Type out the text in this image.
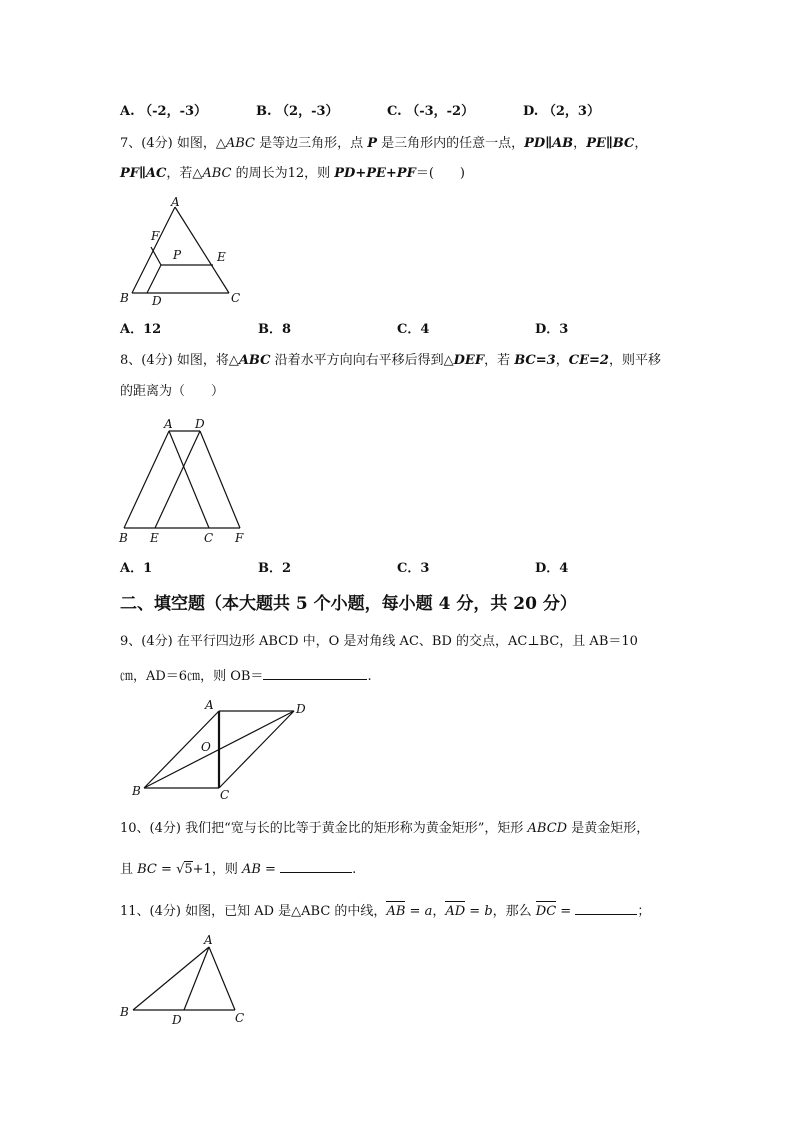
A. （-2，-3）	B. （2，-3）	C. （-3，-2）	D. （2，3）
7、(4分) 如图，△ABC 是等边三角形，点 P 是三角形内的任意一点，PD∥AB，PE∥BC，
PF∥AC，若△ABC 的周长为12，则 PD+PE+PF＝(　　)
A
F
P	E
B D	C
A．12	B．8	C．4	D．3
8、(4分) 如图，将△ABC 沿着水平方向向右平移后得到△DEF，若 BC=3，CE=2，则平移
的距离为（　　）
A D
B E	C F
A．1	B．2	C．3	D．4
二、填空题（本大题共 5 个小题，每小题 4 分，共 20 分）
9、(4分) 在平行四边形 ABCD 中，O 是对角线 AC、BD 的交点，AC⊥BC，且 AB＝10
㎝，AD＝6㎝，则 OB＝	.
A	D
O
B	C
10、(4分) 我们把“宽与长的比等于黄金比的矩形称为黄金矩形”，矩形 ABCD 是黄金矩形，
且 BC = √5+1，则 AB =	.
11、(4分) 如图，已知 AD 是△ABC 的中线，AB = a，AD = b，那么 DC =	；
A
B
D	C
